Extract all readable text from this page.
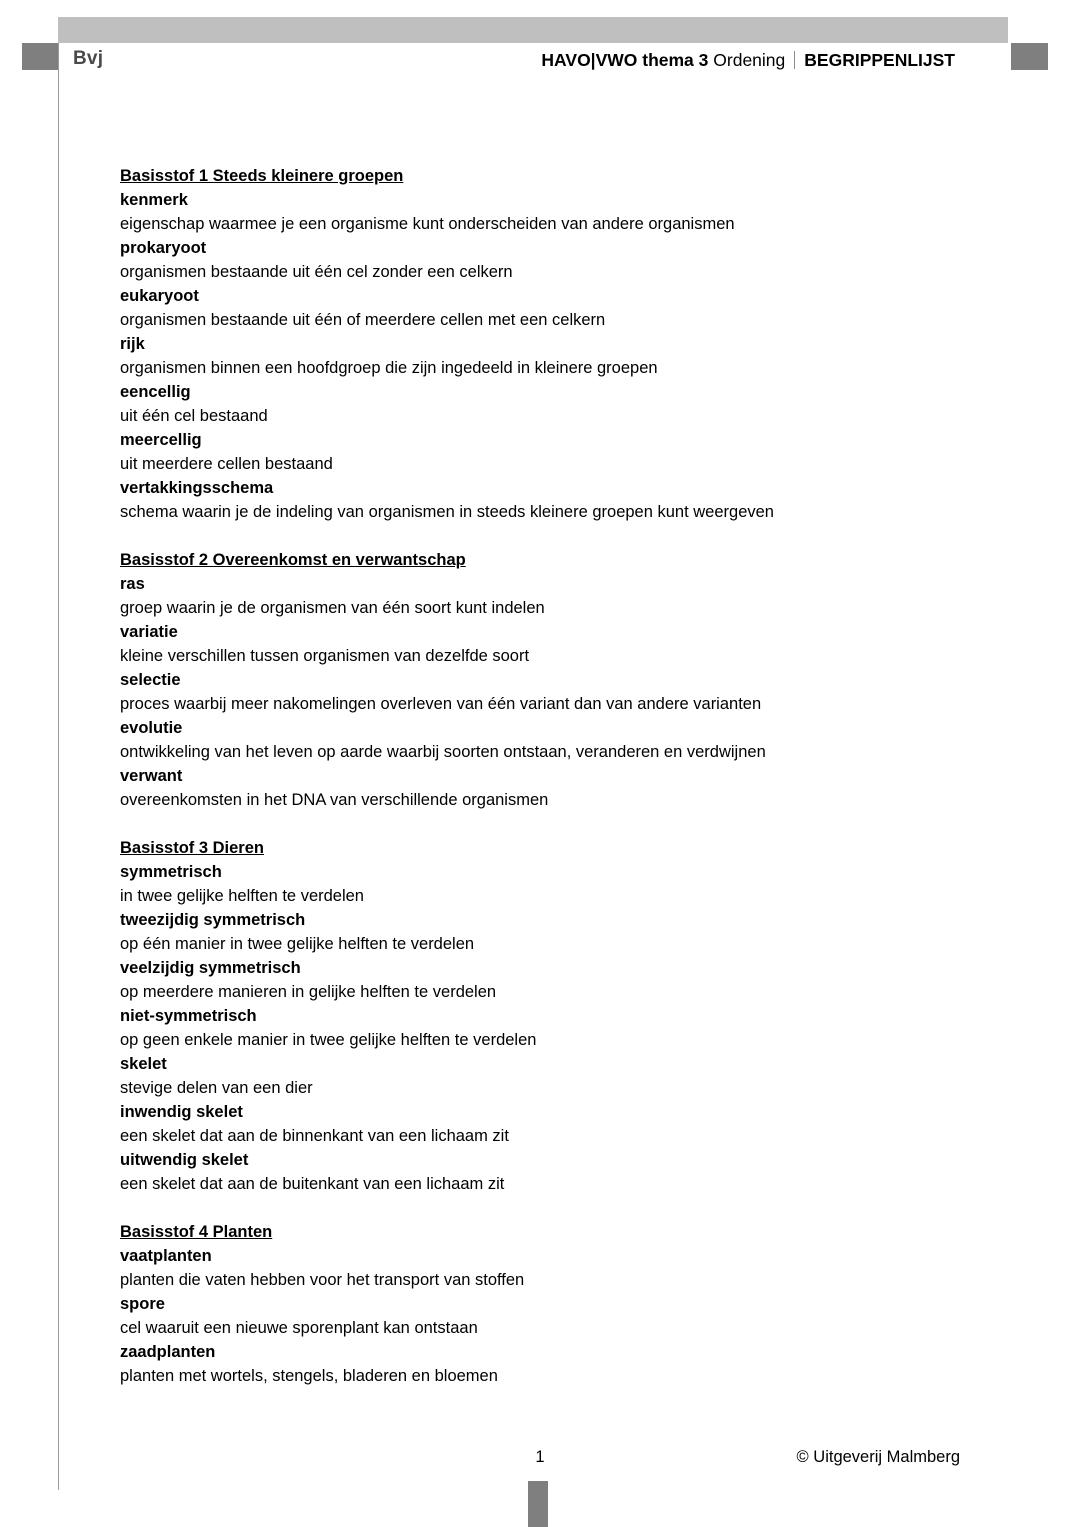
Bvj	HAVO|VWO thema 3 Ordening BEGRIPPENLIJST
Basisstof 1 Steeds kleinere groepen
kenmerk
eigenschap waarmee je een organisme kunt onderscheiden van andere organismen
prokaryoot
organismen bestaande uit één cel zonder een celkern
eukaryoot
organismen bestaande uit één of meerdere cellen met een celkern
rijk
organismen binnen een hoofdgroep die zijn ingedeeld in kleinere groepen
eencellig
uit één cel bestaand
meercellig
uit meerdere cellen bestaand
vertakkingsschema
schema waarin je de indeling van organismen in steeds kleinere groepen kunt weergeven
Basisstof 2 Overeenkomst en verwantschap
ras
groep waarin je de organismen van één soort kunt indelen
variatie
kleine verschillen tussen organismen van dezelfde soort
selectie
proces waarbij meer nakomelingen overleven van één variant dan van andere varianten
evolutie
ontwikkeling van het leven op aarde waarbij soorten ontstaan, veranderen en verdwijnen
verwant
overeenkomsten in het DNA van verschillende organismen
Basisstof 3 Dieren
symmetrisch
in twee gelijke helften te verdelen
tweezijdig symmetrisch
op één manier in twee gelijke helften te verdelen
veelzijdig symmetrisch
op meerdere manieren in gelijke helften te verdelen
niet-symmetrisch
op geen enkele manier in twee gelijke helften te verdelen
skelet
stevige delen van een dier
inwendig skelet
een skelet dat aan de binnenkant van een lichaam zit
uitwendig skelet
een skelet dat aan de buitenkant van een lichaam zit
Basisstof 4 Planten
vaatplanten
planten die vaten hebben voor het transport van stoffen
spore
cel waaruit een nieuwe sporenplant kan ontstaan
zaadplanten
planten met wortels, stengels, bladeren en bloemen
1	© Uitgeverij Malmberg
